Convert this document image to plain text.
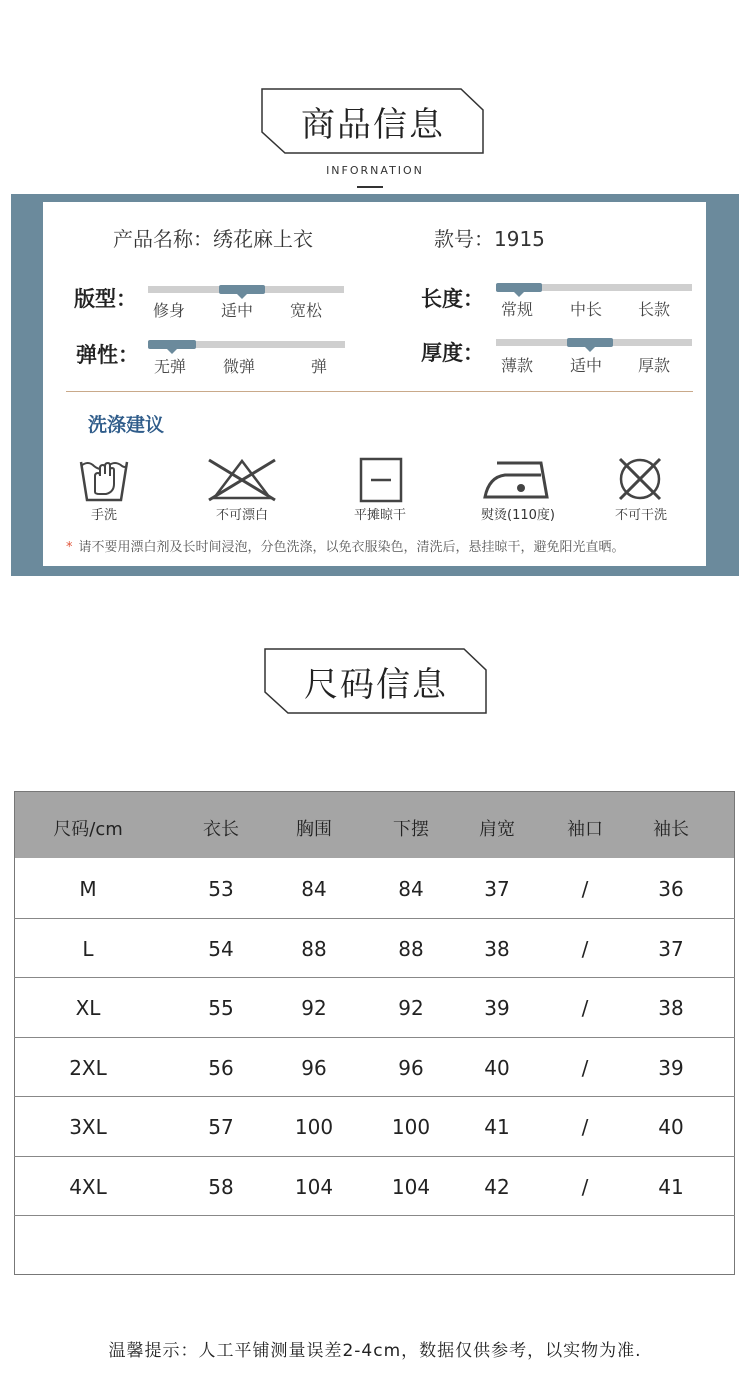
商品信息
INFORNATION
产品名称：绣花麻上衣	款号：1915
版型： 修身 适中 宽松	长度： 常规 中长 长款
弹性： 无弹 微弹	弹
厚度：
薄款 适中 厚款
洗涤建议
手洗	不可漂白	平摊晾干	熨烫(110度)	不可干洗
* 请不要用漂白剂及长时间浸泡，分色洗涤，以免衣服染色，清洗后，悬挂晾干，避免阳光直晒。
尺码信息
尺码/cm	衣长	胸围	下摆	肩宽	袖口	袖长
M	53	84	84	37	/	36
L	54	88	88	38	/	37
XL	55	92	92	39	/	38
2XL	56	96	96	40	/	39
3XL	57	100	100	41	/	40
4XL	58	104	104	42	/	41
温馨提示：人工平铺测量误差2-4cm，数据仅供参考，以实物为准.
